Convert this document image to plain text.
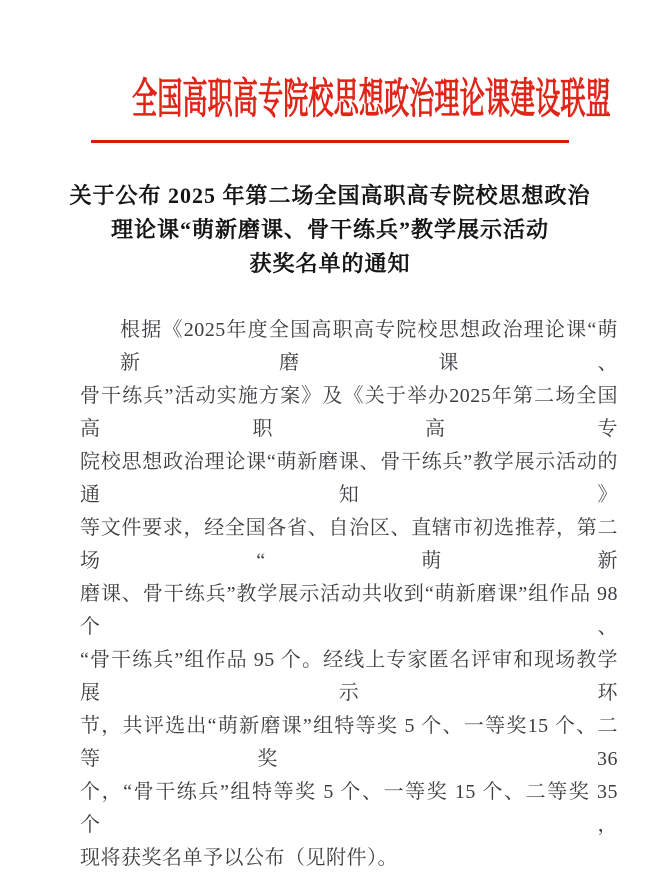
全国高职高专院校思想政治理论课建设联盟
关于公布 2025 年第二场全国高职高专院校思想政治
理论课“萌新磨课、骨干练兵”教学展示活动
获奖名单的通知
根据《2025年度全国高职高专院校思想政治理论课“萌新磨课、
骨干练兵”活动实施方案》及《关于举办2025年第二场全国高职高专
院校思想政治理论课“萌新磨课、骨干练兵”教学展示活动的通知》
等文件要求，经全国各省、自治区、直辖市初选推荐，第二场“萌新
磨课、骨干练兵”教学展示活动共收到“萌新磨课”组作品 98 个、
“骨干练兵”组作品 95 个。经线上专家匿名评审和现场教学展示环
节，共评选出“萌新磨课”组特等奖 5 个、一等奖15 个、二等奖 36
个，“骨干练兵”组特等奖 5 个、一等奖 15 个、二等奖 35 个，
现将获奖名单予以公布（见附件）。
